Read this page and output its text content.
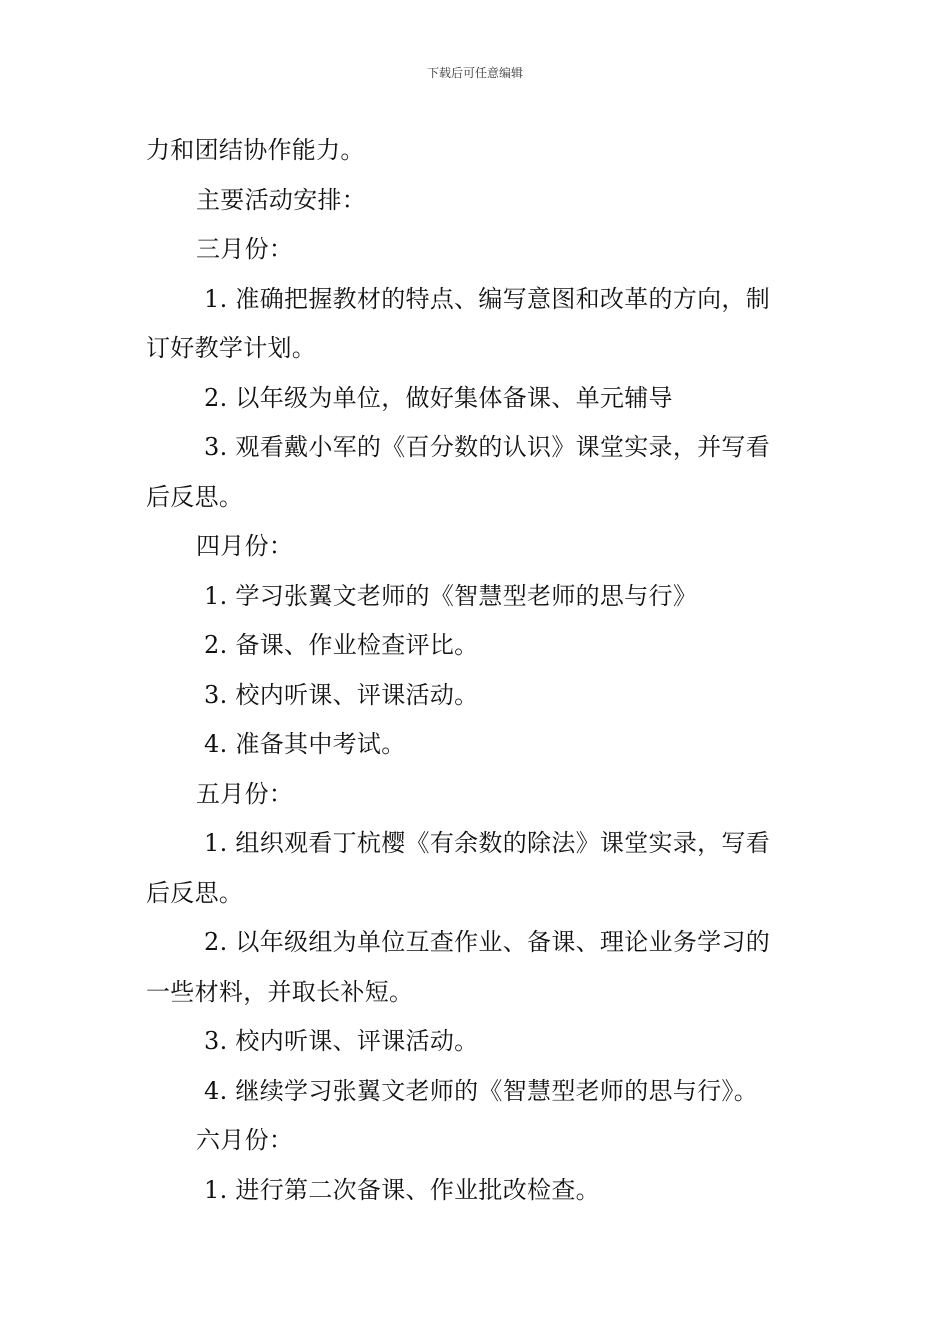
下载后可任意编辑
力和团结协作能力。
主要活动安排：
三月份：
1. 准确把握教材的特点、编写意图和改革的方向，制
订好教学计划。
2. 以年级为单位，做好集体备课、单元辅导
3. 观看戴小军的《百分数的认识》课堂实录，并写看
后反思。
四月份：
1. 学习张翼文老师的《智慧型老师的思与行》
2. 备课、作业检查评比。
3. 校内听课、评课活动。
4. 准备其中考试。
五月份：
1. 组织观看丁杭樱《有余数的除法》课堂实录，写看
后反思。
2. 以年级组为单位互查作业、备课、理论业务学习的
一些材料，并取长补短。
3. 校内听课、评课活动。
4. 继续学习张翼文老师的《智慧型老师的思与行》。
六月份：
1. 进行第二次备课、作业批改检查。
